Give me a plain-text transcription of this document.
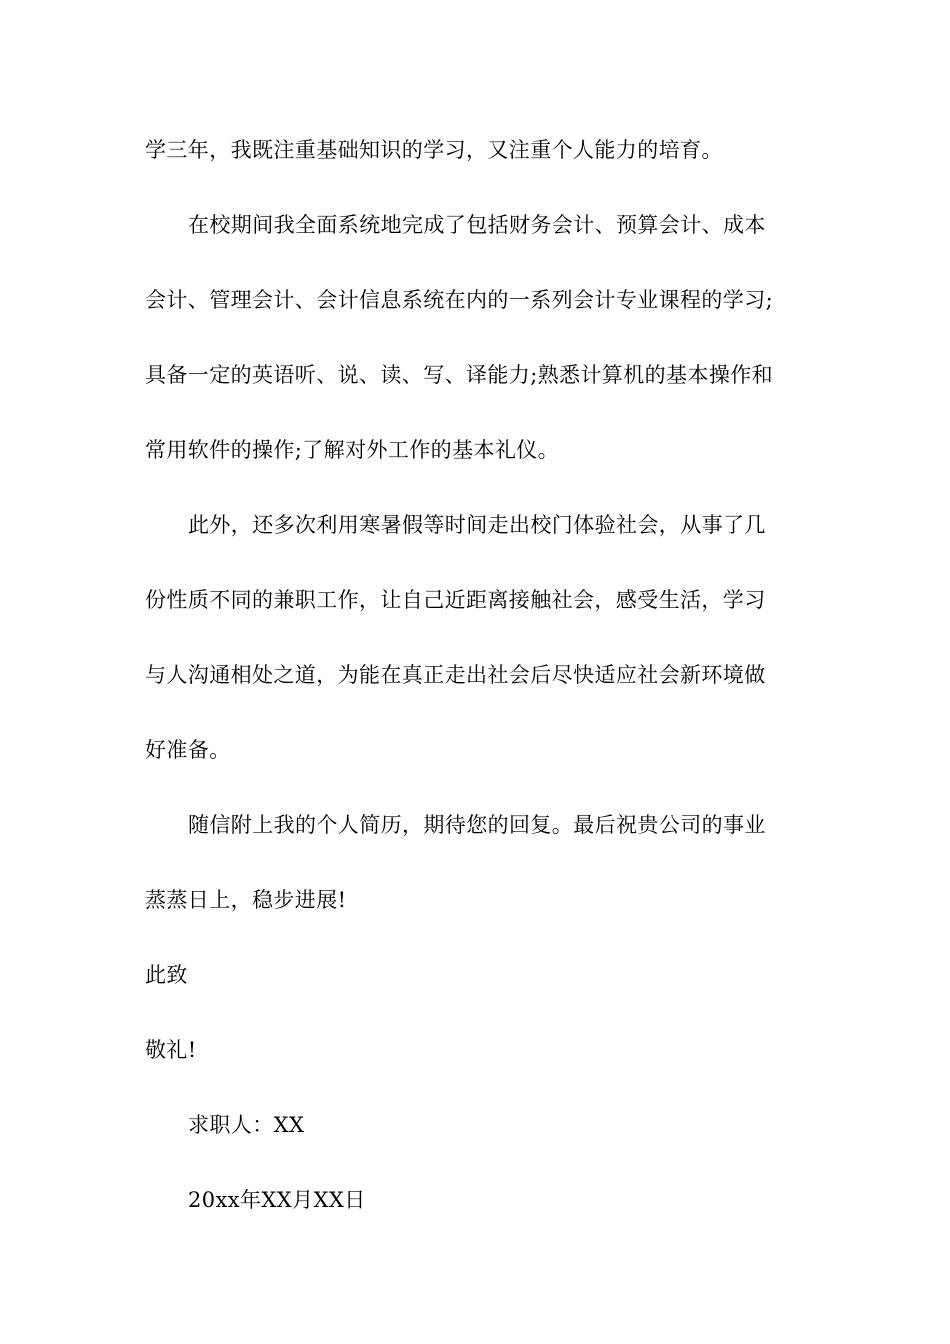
学三年，我既注重基础知识的学习，又注重个人能力的培育。
在校期间我全面系统地完成了包括财务会计、预算会计、成本
会计、管理会计、会计信息系统在内的一系列会计专业课程的学习;
具备一定的英语听、说、读、写、译能力;熟悉计算机的基本操作和
常用软件的操作;了解对外工作的基本礼仪。
此外，还多次利用寒暑假等时间走出校门体验社会，从事了几
份性质不同的兼职工作，让自己近距离接触社会，感受生活，学习
与人沟通相处之道，为能在真正走出社会后尽快适应社会新环境做
好准备。
随信附上我的个人简历，期待您的回复。最后祝贵公司的事业
蒸蒸日上，稳步进展!
此致
敬礼!
求职人：XX
20xx年XX月XX日
